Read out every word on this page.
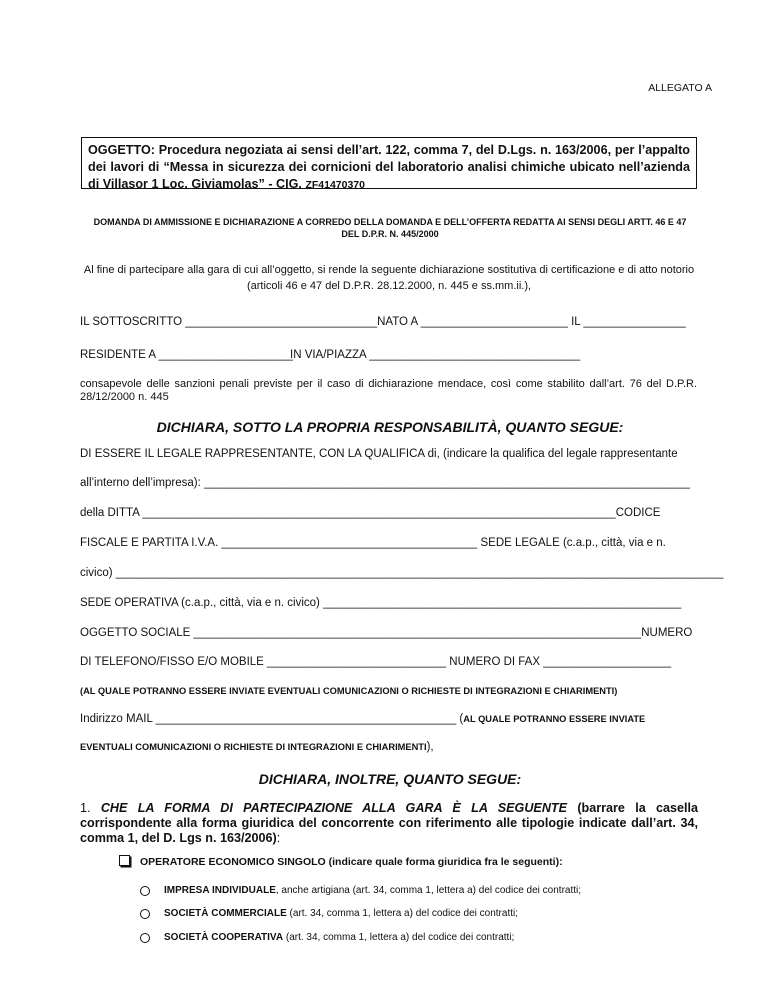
ALLEGATO A
OGGETTO: Procedura negoziata ai sensi dell’art. 122, comma 7, del D.Lgs. n. 163/2006, per l’appalto dei lavori di “Messa in sicurezza dei cornicioni del laboratorio analisi chimiche ubicato nell’azienda di Villasor 1 Loc. Giviamolas” - CIG. ZF41470370
DOMANDA DI AMMISSIONE E DICHIARAZIONE A CORREDO DELLA DOMANDA E DELL’OFFERTA REDATTA AI SENSI DEGLI ARTT. 46 E 47 DEL D.P.R. N. 445/2000
Al fine di partecipare alla gara di cui all’oggetto, si rende la seguente dichiarazione sostitutiva di certificazione e di atto notorio (articoli 46 e 47 del D.P.R. 28.12.2000, n. 445 e ss.mm.ii.),
IL SOTTOSCRITTO ______________________________NATO A _______________________ IL ________________
RESIDENTE A _____________________
IN VIA/PIAZZA _________________________________
consapevole delle sanzioni penali previste per il caso di dichiarazione mendace, così come stabilito dall’art. 76 del D.P.R. 28/12/2000 n. 445
DICHIARA, SOTTO LA PROPRIA RESPONSABILITÀ, QUANTO SEGUE:
DI ESSERE IL LEGALE RAPPRESENTANTE, CON LA QUALIFICA di, (indicare la qualifica del legale rappresentante
all’interno dell’impresa): ____________________________________________________________________________
della DITTA __________________________________________________________________________CODICE
FISCALE E PARTITA I.V.A. ________________________________________ SEDE LEGALE (c.a.p., città, via e n.
civico) _______________________________________________________________________________________________
SEDE OPERATIVA (c.a.p., città, via e n. civico) ________________________________________________________
OGGETTO SOCIALE ______________________________________________________________________NUMERO
DI TELEFONO/FISSO E/O MOBILE ____________________________ NUMERO DI FAX ____________________
(AL QUALE POTRANNO ESSERE INVIATE EVENTUALI COMUNICAZIONI O RICHIESTE DI INTEGRAZIONI E CHIARIMENTI)
Indirizzo MAIL _______________________________________________ (AL QUALE POTRANNO ESSERE INVIATE
EVENTUALI COMUNICAZIONI O RICHIESTE DI INTEGRAZIONI E CHIARIMENTI),
DICHIARA, INOLTRE, QUANTO SEGUE:
1. CHE LA FORMA DI PARTECIPAZIONE ALLA GARA È LA SEGUENTE (barrare la casella corrispondente alla forma giuridica del concorrente con riferimento alle tipologie indicate dall’art. 34, comma 1, del D. Lgs n. 163/2006):
OPERATORE ECONOMICO SINGOLO (indicare quale forma giuridica fra le seguenti):
IMPRESA INDIVIDUALE, anche artigiana (art. 34, comma 1, lettera a) del codice dei contratti;
SOCIETÀ COMMERCIALE (art. 34, comma 1, lettera a) del codice dei contratti;
SOCIETÀ COOPERATIVA (art. 34, comma 1, lettera a) del codice dei contratti;
